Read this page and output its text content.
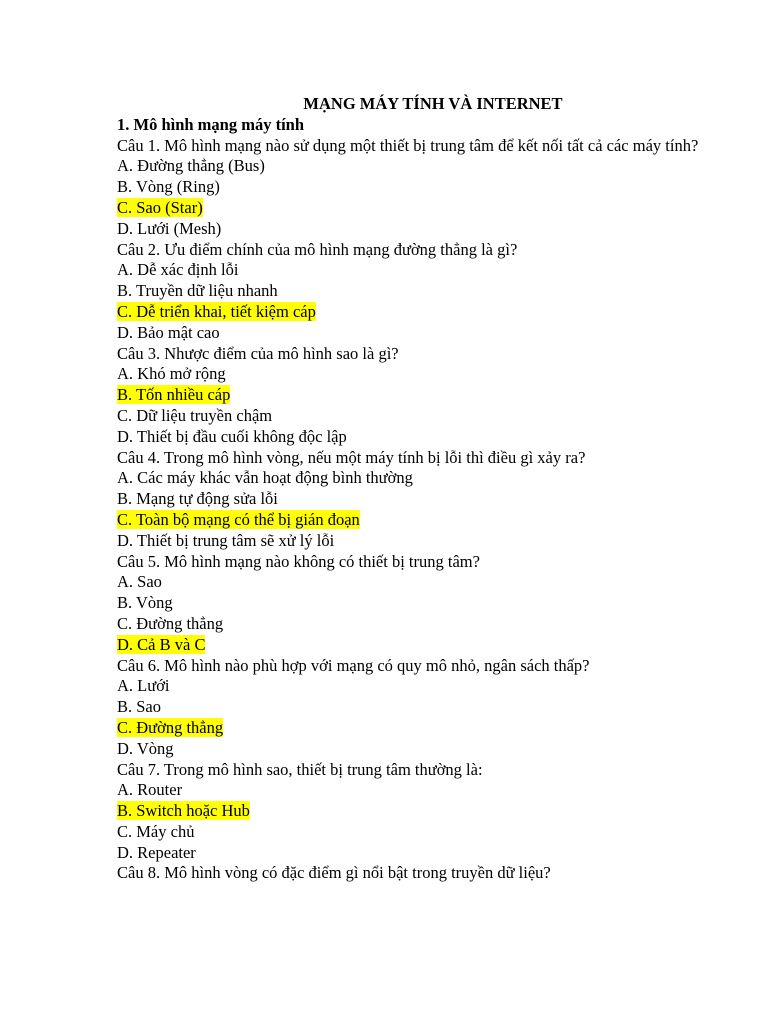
MẠNG MÁY TÍNH VÀ INTERNET

1. Mô hình mạng máy tính

Câu 1. Mô hình mạng nào sử dụng một thiết bị trung tâm để kết nối tất cả các máy tính?

A. Đường thẳng (Bus)

B. Vòng (Ring)

C. Sao (Star)

D. Lưới (Mesh)

Câu 2. Ưu điểm chính của mô hình mạng đường thẳng là gì?

A. Dễ xác định lỗi

B. Truyền dữ liệu nhanh

C. Dễ triển khai, tiết kiệm cáp

D. Bảo mật cao

Câu 3. Nhược điểm của mô hình sao là gì?

A. Khó mở rộng

B. Tốn nhiều cáp

C. Dữ liệu truyền chậm

D. Thiết bị đầu cuối không độc lập

Câu 4. Trong mô hình vòng, nếu một máy tính bị lỗi thì điều gì xảy ra?

A. Các máy khác vẫn hoạt động bình thường

B. Mạng tự động sửa lỗi

C. Toàn bộ mạng có thể bị gián đoạn

D. Thiết bị trung tâm sẽ xử lý lỗi

Câu 5. Mô hình mạng nào không có thiết bị trung tâm?

A. Sao

B. Vòng

C. Đường thẳng

D. Cả B và C

Câu 6. Mô hình nào phù hợp với mạng có quy mô nhỏ, ngân sách thấp?

A. Lưới

B. Sao

C. Đường thẳng

D. Vòng

Câu 7. Trong mô hình sao, thiết bị trung tâm thường là:

A. Router

B. Switch hoặc Hub

C. Máy chủ

D. Repeater

Câu 8. Mô hình vòng có đặc điểm gì nổi bật trong truyền dữ liệu?
